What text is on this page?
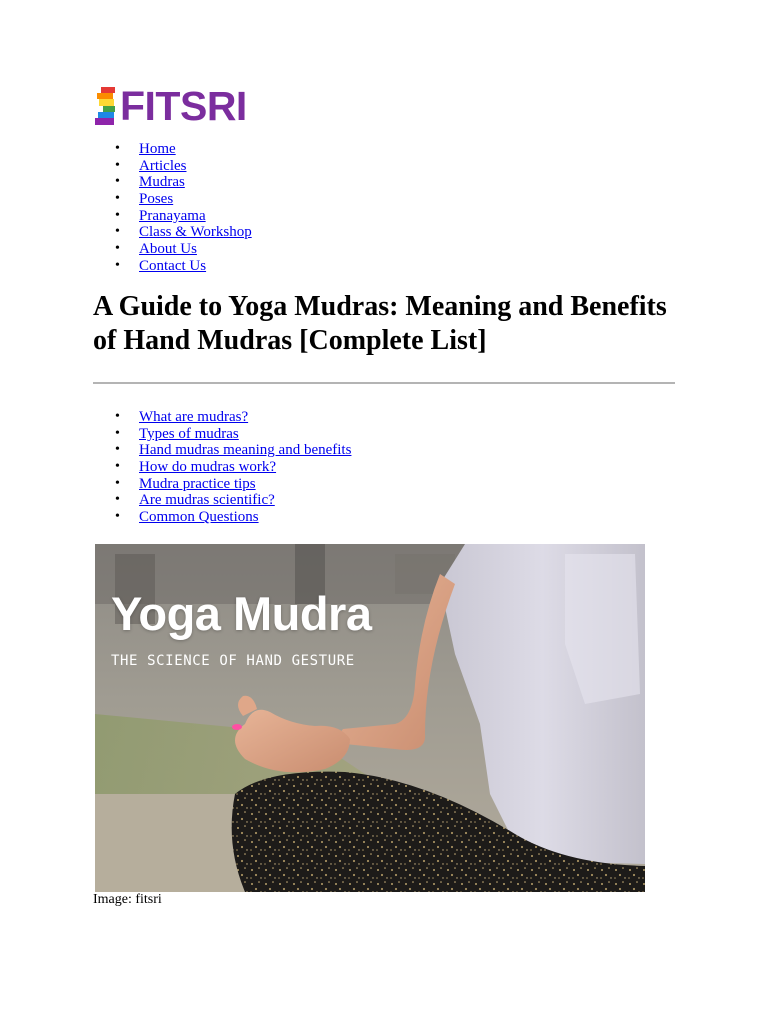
FITSRI
• Home
• Articles
• Mudras
• Poses
• Pranayama
• Class & Workshop
• About Us
• Contact Us
A Guide to Yoga Mudras: Meaning and Benefits of Hand Mudras [Complete List]
• What are mudras?
• Types of mudras
• Hand mudras meaning and benefits
• How do mudras work?
• Mudra practice tips
• Are mudras scientific?
• Common Questions
Yoga Mudra
THE SCIENCE OF HAND GESTURE
Image: fitsri
